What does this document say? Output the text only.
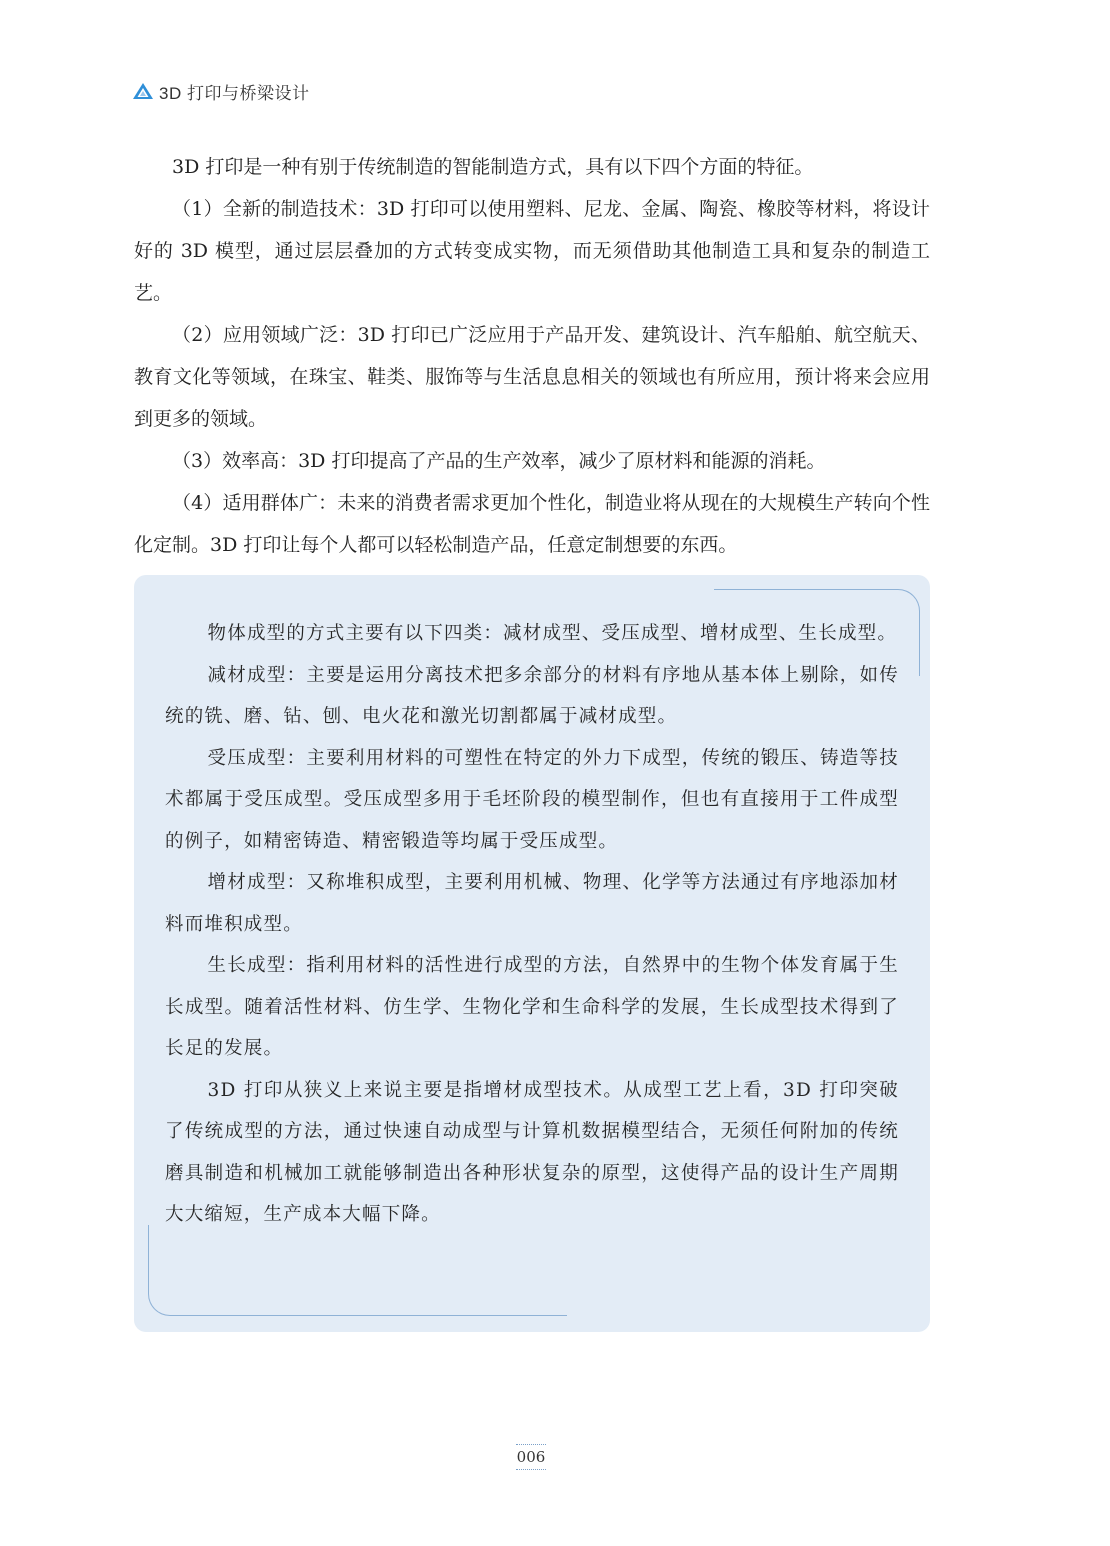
3D 打印与桥梁设计

3D 打印是一种有别于传统制造的智能制造方式，具有以下四个方面的特征。

（1）全新的制造技术：3D 打印可以使用塑料、尼龙、金属、陶瓷、橡胶等材料，将设计好的 3D 模型，通过层层叠加的方式转变成实物，而无须借助其他制造工具和复杂的制造工艺。

（2）应用领域广泛：3D 打印已广泛应用于产品开发、建筑设计、汽车船舶、航空航天、教育文化等领域，在珠宝、鞋类、服饰等与生活息息相关的领域也有所应用，预计将来会应用到更多的领域。

（3）效率高：3D 打印提高了产品的生产效率，减少了原材料和能源的消耗。

（4）适用群体广：未来的消费者需求更加个性化，制造业将从现在的大规模生产转向个性化定制。3D 打印让每个人都可以轻松制造产品，任意定制想要的东西。

物体成型的方式主要有以下四类：减材成型、受压成型、增材成型、生长成型。

减材成型：主要是运用分离技术把多余部分的材料有序地从基本体上剔除，如传统的铣、磨、钻、刨、电火花和激光切割都属于减材成型。

受压成型：主要利用材料的可塑性在特定的外力下成型，传统的锻压、铸造等技术都属于受压成型。受压成型多用于毛坯阶段的模型制作，但也有直接用于工件成型的例子，如精密铸造、精密锻造等均属于受压成型。

增材成型：又称堆积成型，主要利用机械、物理、化学等方法通过有序地添加材料而堆积成型。

生长成型：指利用材料的活性进行成型的方法，自然界中的生物个体发育属于生长成型。随着活性材料、仿生学、生物化学和生命科学的发展，生长成型技术得到了长足的发展。

3D 打印从狭义上来说主要是指增材成型技术。从成型工艺上看，3D 打印突破了传统成型的方法，通过快速自动成型与计算机数据模型结合，无须任何附加的传统磨具制造和机械加工就能够制造出各种形状复杂的原型，这使得产品的设计生产周期大大缩短，生产成本大幅下降。

006
